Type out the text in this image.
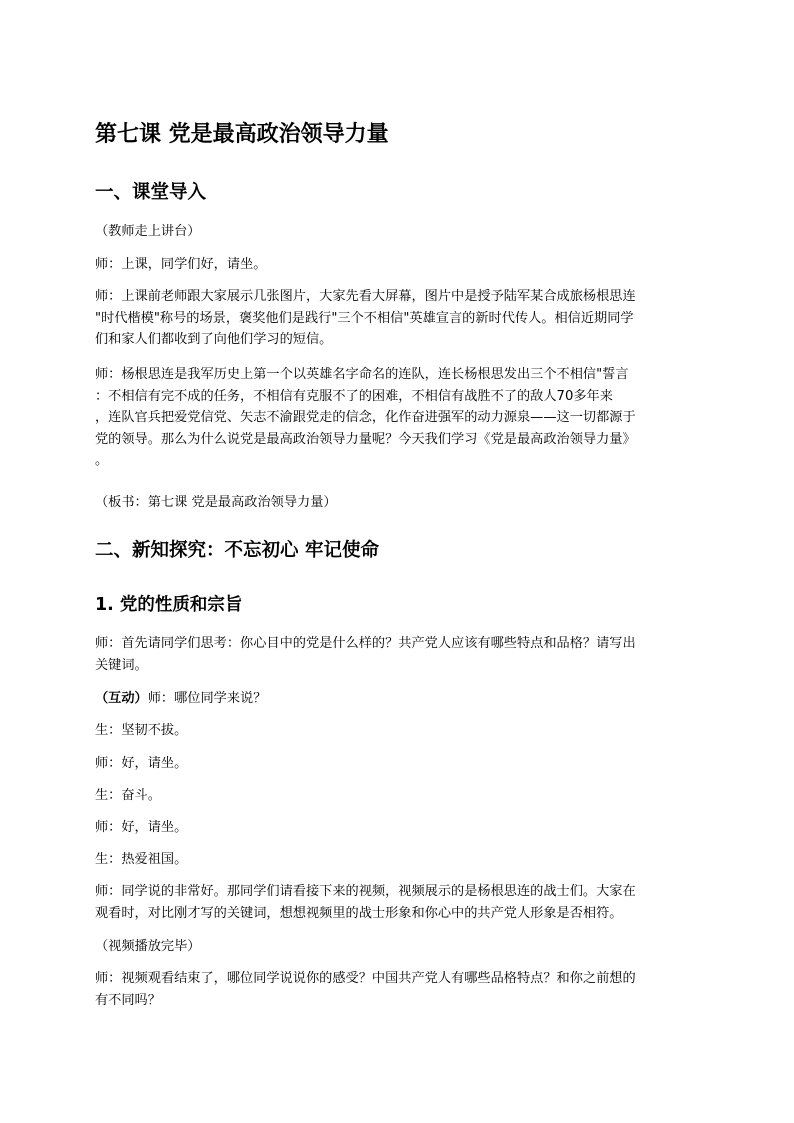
第七课 党是最高政治领导力量
一、课堂导入
（教师走上讲台）
师：上课，同学们好，请坐。
师：上课前老师跟大家展示几张图片，大家先看大屏幕，图片中是授予陆军某合成旅杨根思连
"时代楷模"称号的场景，褒奖他们是践行"三个不相信"英雄宣言的新时代传人。相信近期同学
们和家人们都收到了向他们学习的短信。
师：杨根思连是我军历史上第一个以英雄名字命名的连队，连长杨根思发出三个不相信"誓言
：不相信有完不成的任务，不相信有克服不了的困难，不相信有战胜不了的敌人70多年来
，连队官兵把爱党信党、矢志不渝跟党走的信念，化作奋进强军的动力源泉——这一切都源于
党的领导。那么为什么说党是最高政治领导力量呢？今天我们学习《党是最高政治领导力量》
。
（板书：第七课 党是最高政治领导力量）
二、新知探究：不忘初心 牢记使命
1. 党的性质和宗旨
师：首先请同学们思考：你心目中的党是什么样的？共产党人应该有哪些特点和品格？请写出
关键词。
（互动）师：哪位同学来说？
生：坚韧不拔。
师：好，请坐。
生：奋斗。
师：好，请坐。
生：热爱祖国。
师：同学说的非常好。那同学们请看接下来的视频，视频展示的是杨根思连的战士们。大家在
观看时，对比刚才写的关键词，想想视频里的战士形象和你心中的共产党人形象是否相符。
（视频播放完毕）
师：视频观看结束了，哪位同学说说你的感受？中国共产党人有哪些品格特点？和你之前想的
有不同吗？
